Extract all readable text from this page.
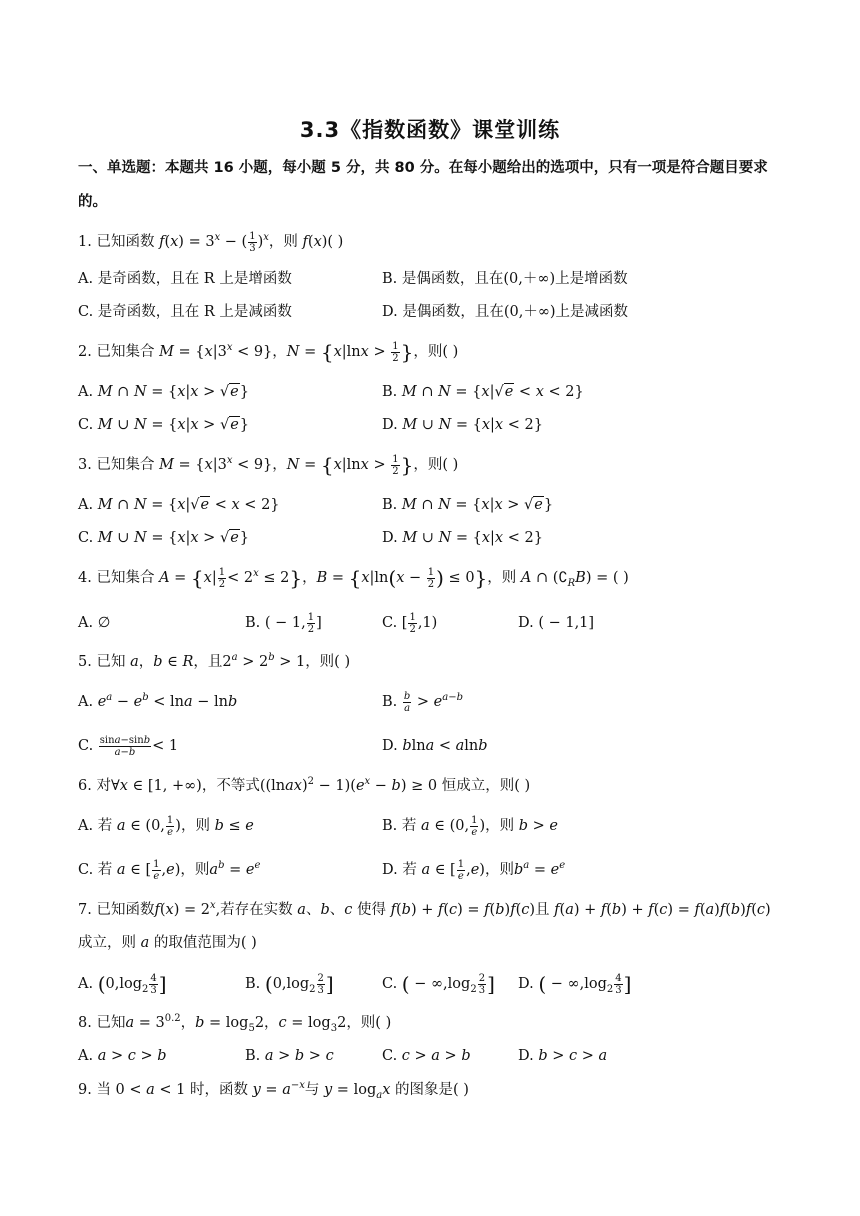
3.3《指数函数》课堂训练
一、单选题：本题共 16 小题，每小题 5 分，共 80 分。在每小题给出的选项中，只有一项是符合题目要求
的。
1. 已知函数 $f(x) = 3^x$ − ( $\frac{1}{3} )^x$，则 f(x)( )
A. 是奇函数，且在 R 上是增函数	B. 是偶函数，且在(0,＋∞)上是增函数
C. 是奇函数，且在 R 上是减函数	D. 是偶函数，且在(0,＋∞)上是减函数
2. 已知集合 $M = \{x|3^x < 9\}$，$N = \{x|\ln x > \frac{1}{2}$ }，则( )
A. M ∩ N = {x|x > √e}	B. M ∩ N = {x|√e < x < 2}
C. M ∪ N = {x|x > √e}	D. M ∪ N = {x|x < 2}
3. 已知集合 $M = \{x|3^x < 9\}$，$N = \{x|\ln x > \frac{1}{2}$ }，则( )
A. M ∩ N = {x|√e < x < 2}	B. M ∩ N = {x|x > √e}
C. M ∪ N = {x|x > √e}	D. M ∪ N = {x|x < 2}
4. 已知集合 $A = \{x| \frac{1}{2} < 2^x \le 2\}$，$B = \{x|\ln(x - \frac{1}{2}$ ) ≤ 0}，则 A ∩ $(∁_RB)$ = ( )
A. ∅	B. ( − 1, $\frac{1}{2}$ ]	C. [ $\frac{1}{2} ,1$)	D. ( − 1,1]
5. 已知 a，b ∈ R，且$2^a > 2^b > 1$，则( )
A. $e^a - e^b < \ln a - \ln b$	B. $\frac{b}{a} > e^{a-b}$
C. $\frac{\sin a-\sin b}{a-b} < 1$	D. blna < alnb
6. 对∀x ∈ [1, +∞)，不等式((lnax)$^2$ − $1)(e^x - b) \ge 0$ 恒成立，则( )
A. 若 a ∈ (0, $\frac{1}{e}$ )，则 b ≤ e	B. 若 a ∈ (0, $\frac{1}{e}$ )，则 b > e
C. 若 a ∈ [ $\frac{1}{e} ,e$)，则$a^b = e^e$	D. 若 a ∈ [ $\frac{1}{e} ,e$)，则$b^a = e^e$
7. 已知函数$f(x) = 2^x$,若存在实数 a、b、c 使得 f(b) + f(c) = f(b)f(c)且 f(a) + f(b) + f(c) = f(a)f(b)f(c)
成立，则 a 的取值范围为( )
A. ($0,\log_2 \frac{4}{3}$ ]	B. ($0,\log_2 \frac{2}{3}$ ]	C. ( − $\infty,\log_2 \frac{2}{3}$ ] D. ( − $\infty,\log_2 \frac{4}{3}$ ]
8. 已知$a = 3^{0.2}$，$b = \log_52$，$c = \log_32$，则( )
A. a > c > b	B. a > b > c	C. c > a > b	D. b > c > a
9. 当 0 < a < 1 时，函数 $y = a^{-x}$与 $y = \log_ax$ 的图象是( )
